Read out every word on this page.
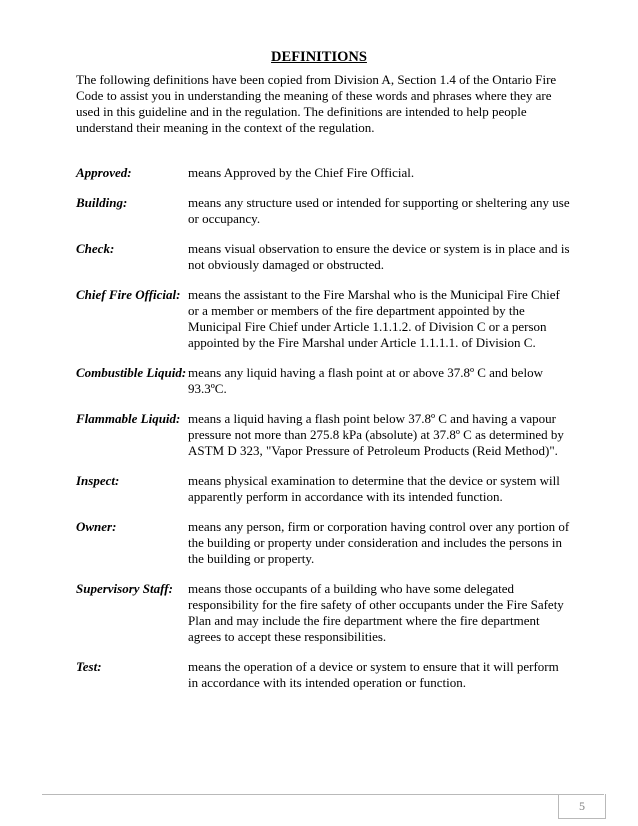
DEFINITIONS
The following definitions have been copied from Division A, Section 1.4 of the Ontario Fire Code to assist you in understanding the meaning of these words and phrases where they are used in this guideline and in the regulation. The definitions are intended to help people understand their meaning in the context of the regulation.
Approved:	means Approved by the Chief Fire Official.
Building:	means any structure used or intended for supporting or sheltering any use or occupancy.
Check:	means visual observation to ensure the device or system is in place and is not obviously damaged or obstructed.
Chief Fire Official: means the assistant to the Fire Marshal who is the Municipal Fire Chief or a member or members of the fire department appointed by the Municipal Fire Chief under Article 1.1.1.2. of Division C or a person appointed by the Fire Marshal under Article 1.1.1.1. of Division C.
Combustible Liquid: means any liquid having a flash point at or above 37.8º C and below 93.3ºC.
Flammable Liquid: means a liquid having a flash point below 37.8º C and having a vapour pressure not more than 275.8 kPa (absolute) at 37.8º C as determined by ASTM D 323, "Vapor Pressure of Petroleum Products (Reid Method)".
Inspect:	means physical examination to determine that the device or system will apparently perform in accordance with its intended function.
Owner:	means any person, firm or corporation having control over any portion of the building or property under consideration and includes the persons in the building or property.
Supervisory Staff:	means those occupants of a building who have some delegated responsibility for the fire safety of other occupants under the Fire Safety Plan and may include the fire department where the fire department agrees to accept these responsibilities.
Test:	means the operation of a device or system to ensure that it will perform in accordance with its intended operation or function.
5
